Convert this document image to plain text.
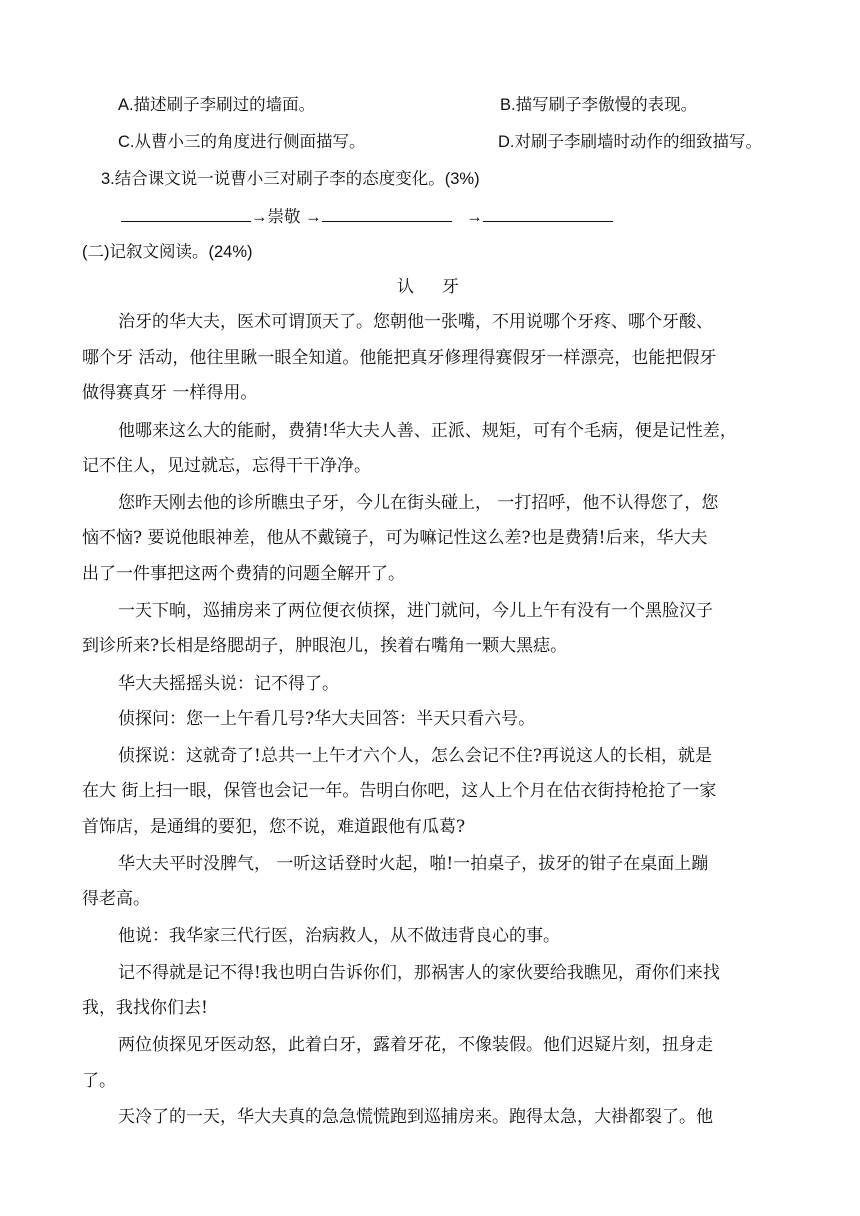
A.描述刷子李刷过的墙面。	B.描写刷子李傲慢的表现。
C.从曹小三的角度进行侧面描写。	D.对刷子李刷墙时动作的细致描写。
3.结合课文说一说曹小三对刷子李的态度变化。(3%)
→崇敬 →	→
(二)记叙文阅读。(24%)
认 牙
治牙的华大夫，医术可谓顶天了。您朝他一张嘴，不用说哪个牙疼、哪个牙酸、
哪个牙 活动，他往里瞅一眼全知道。他能把真牙修理得赛假牙一样漂亮，也能把假牙
做得赛真牙 一样得用。
他哪来这么大的能耐，费猜!华大夫人善、正派、规矩，可有个毛病，便是记性差，
记不住人，见过就忘，忘得干干净净。
您昨天刚去他的诊所瞧虫子牙，今儿在街头碰上， 一打招呼，他不认得您了，您
恼不恼? 要说他眼神差，他从不戴镜子，可为嘛记性这么差?也是费猜!后来，华大夫
出了一件事把这两个费猜的问题全解开了。
一天下晌，巡捕房来了两位便衣侦探，进门就问，今儿上午有没有一个黑脸汉子
到诊所来?长相是络腮胡子，肿眼泡儿，挨着右嘴角一颗大黑痣。
华大夫摇摇头说：记不得了。
侦探问：您一上午看几号?华大夫回答：半天只看六号。
侦探说：这就奇了!总共一上午才六个人，怎么会记不住?再说这人的长相，就是
在大 街上扫一眼，保管也会记一年。告明白你吧，这人上个月在估衣街持枪抢了一家
首饰店，是通缉的要犯，您不说，难道跟他有瓜葛?
华大夫平时没脾气， 一听这话登时火起，啪!一拍桌子，拔牙的钳子在桌面上蹦
得老高。
他说：我华家三代行医，治病救人，从不做违背良心的事。
记不得就是记不得!我也明白告诉你们，那祸害人的家伙要给我瞧见，甭你们来找
我，我找你们去!
两位侦探见牙医动怒，此着白牙，露着牙花，不像装假。他们迟疑片刻，扭身走
了。
天冷了的一天，华大夫真的急急慌慌跑到巡捕房来。跑得太急，大褂都裂了。他
